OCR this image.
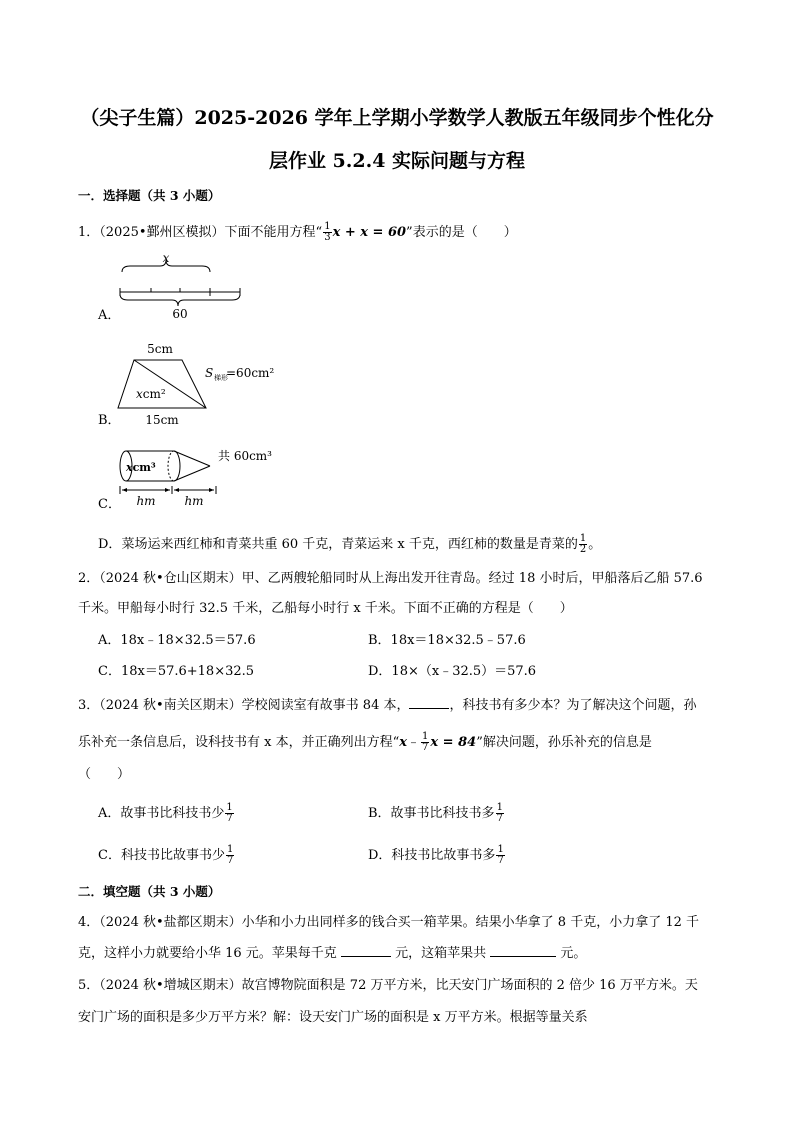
（尖子生篇）2025-2026 学年上学期小学数学人教版五年级同步个性化分
层作业 5.2.4 实际问题与方程
一．选择题（共 3 小题）
1．（2025•鄞州区模拟）下面不能用方程“ $\frac{1}{3}$ x + x = 60”表示的是（　　）
A．
x
60
B．
5cm
xcm²
15cm
S 梯形
=60cm²
C．
xcm³
共 60cm³
hm hm
D．菜场运来西红柿和青菜共重 60 千克，青菜运来 x 千克，西红柿的数量是青菜的 $\frac{1}{2}$ 。
2．（2024 秋•仓山区期末）甲、乙两艘轮船同时从上海出发开往青岛。经过 18 小时后，甲船落后乙船 57.6
千米。甲船每小时行 32.5 千米，乙船每小时行 x 千米。下面不正确的方程是（　　）
A．18x﹣18×32.5＝57.6	B．18x＝18×32.5﹣57.6
C．18x＝57.6+18×32.5	D．18×（x﹣32.5）＝57.6
3．（2024 秋•南关区期末）学校阅读室有故事书 84 本，	，科技书有多少本？为了解决这个问题，孙
乐补充一条信息后，设科技书有 x 本，并正确列出方程“x﹣ $\frac{1}{7}$ x = 84”解决问题，孙乐补充的信息是
（　　）
A．故事书比科技书少 $\frac{1}{7}$	B．故事书比科技书多 $\frac{1}{7}$
C．科技书比故事书少 $\frac{1}{7}$	D．科技书比故事书多 $\frac{1}{7}$
二．填空题（共 3 小题）
4．（2024 秋•盐都区期末）小华和小力出同样多的钱合买一箱苹果。结果小华拿了 8 千克，小力拿了 12 千
克，这样小力就要给小华 16 元。苹果每千克	元，这箱苹果共	元。
5．（2024 秋•增城区期末）故宫博物院面积是 72 万平方米，比天安门广场面积的 2 倍少 16 万平方米。天
安门广场的面积是多少万平方米？解：设天安门广场的面积是 x 万平方米。根据等量关系
